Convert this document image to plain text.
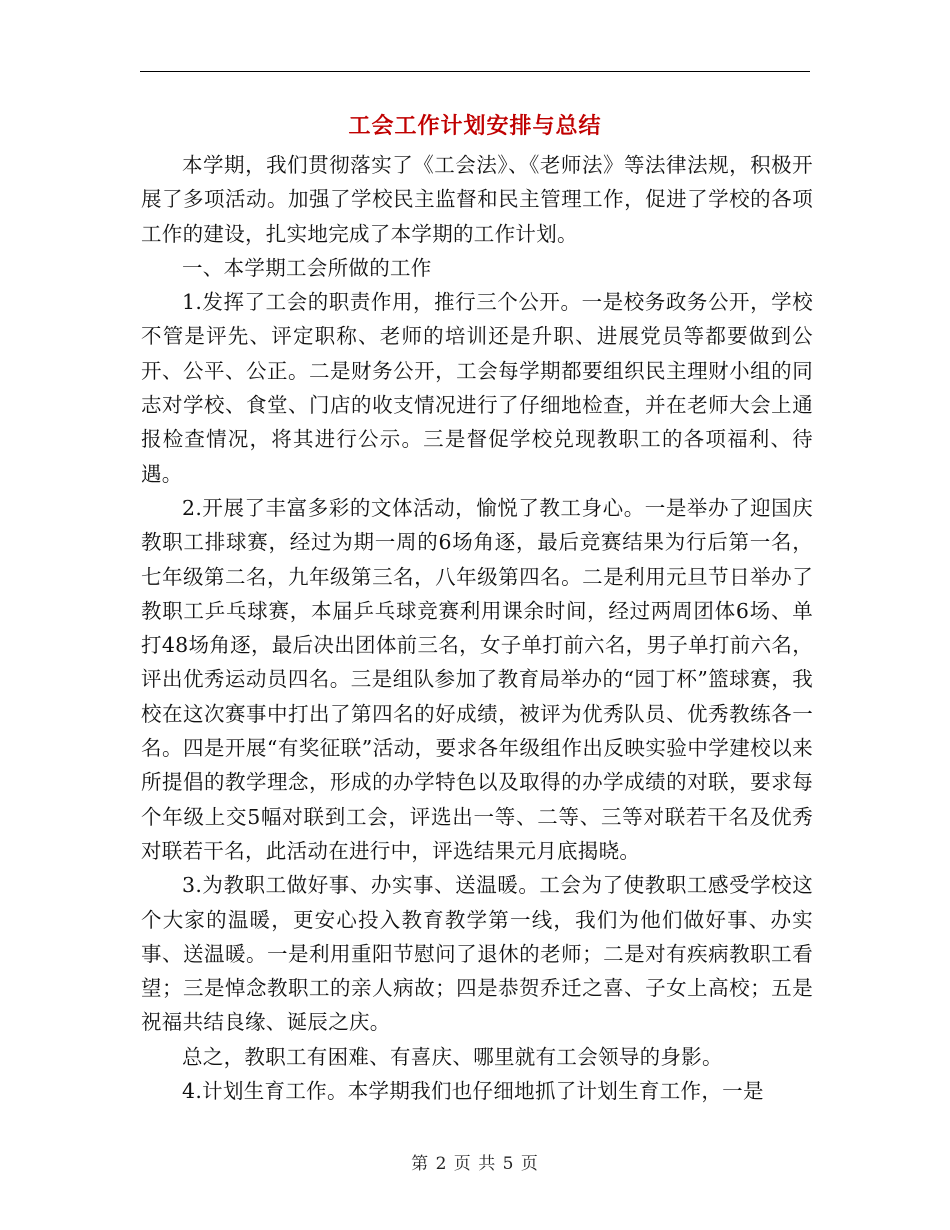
工会工作计划安排与总结

本学期，我们贯彻落实了《工会法》、《老师法》等法律法规，积极开展了多项活动。加强了学校民主监督和民主管理工作，促进了学校的各项工作的建设，扎实地完成了本学期的工作计划。

一、本学期工会所做的工作

1.发挥了工会的职责作用，推行三个公开。一是校务政务公开，学校不管是评先、评定职称、老师的培训还是升职、进展党员等都要做到公开、公平、公正。二是财务公开，工会每学期都要组织民主理财小组的同志对学校、食堂、门店的收支情况进行了仔细地检查，并在老师大会上通报检查情况，将其进行公示。三是督促学校兑现教职工的各项福利、待遇。

2.开展了丰富多彩的文体活动，愉悦了教工身心。一是举办了迎国庆教职工排球赛，经过为期一周的6场角逐，最后竞赛结果为行后第一名，七年级第二名，九年级第三名，八年级第四名。二是利用元旦节日举办了教职工乒乓球赛，本届乒乓球竞赛利用课余时间，经过两周团体6场、单打48场角逐，最后决出团体前三名，女子单打前六名，男子单打前六名，评出优秀运动员四名。三是组队参加了教育局举办的“园丁杯”篮球赛，我校在这次赛事中打出了第四名的好成绩，被评为优秀队员、优秀教练各一名。四是开展“有奖征联”活动，要求各年级组作出反映实验中学建校以来所提倡的教学理念，形成的办学特色以及取得的办学成绩的对联，要求每个年级上交5幅对联到工会，评选出一等、二等、三等对联若干名及优秀对联若干名，此活动在进行中，评选结果元月底揭晓。

3.为教职工做好事、办实事、送温暖。工会为了使教职工感受学校这个大家的温暖，更安心投入教育教学第一线，我们为他们做好事、办实事、送温暖。一是利用重阳节慰问了退休的老师；二是对有疾病教职工看望；三是悼念教职工的亲人病故；四是恭贺乔迁之喜、子女上高校；五是祝福共结良缘、诞辰之庆。

总之，教职工有困难、有喜庆、哪里就有工会领导的身影。

4.计划生育工作。本学期我们也仔细地抓了计划生育工作，一是

第 2 页 共 5 页
